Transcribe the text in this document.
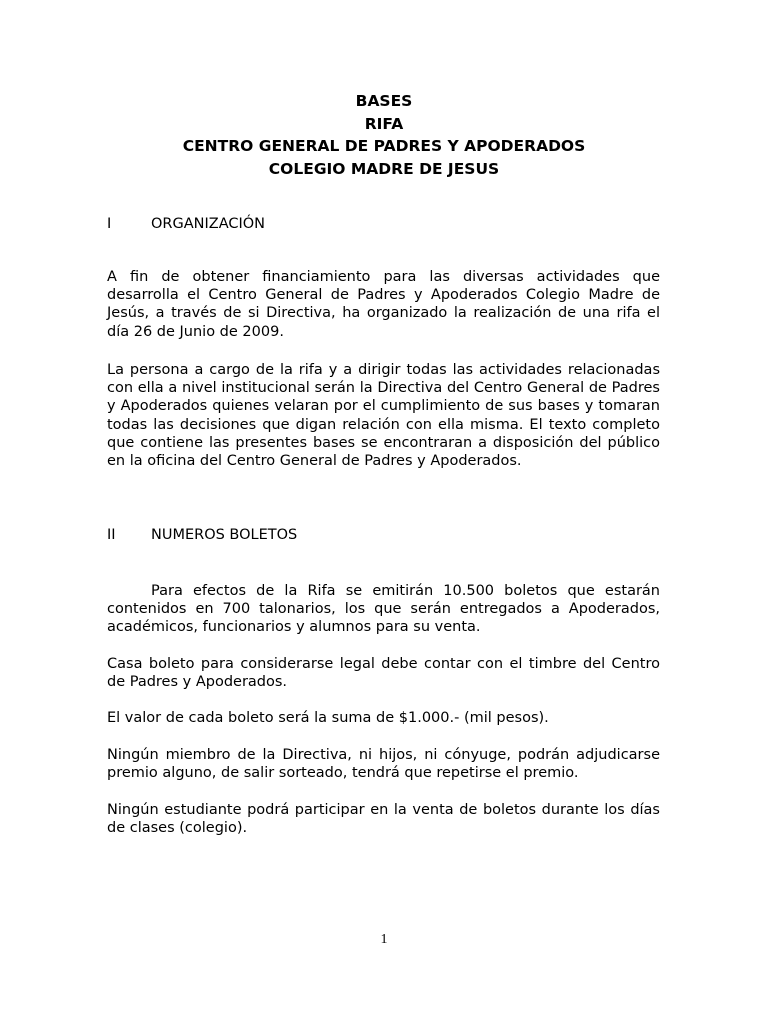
BASES
RIFA
CENTRO GENERAL DE PADRES Y APODERADOS
COLEGIO MADRE DE JESUS
I	ORGANIZACIÓN

A fin de obtener financiamiento para las diversas actividades que desarrolla el Centro General de Padres y Apoderados Colegio Madre de Jesús, a través de si Directiva, ha organizado la realización de una rifa el día 26 de Junio de 2009.

La persona a cargo de la rifa y a dirigir todas las actividades relacionadas con ella a nivel institucional serán la Directiva del Centro General de Padres y Apoderados quienes velaran por el cumplimiento de sus bases y tomaran todas las decisiones que digan relación con ella misma. El texto completo que contiene las presentes bases se encontraran a disposición del público en la oficina del Centro General de Padres y Apoderados.

II NUMEROS BOLETOS

Para efectos de la Rifa se emitirán 10.500 boletos que estarán contenidos en 700 talonarios, los que serán entregados a Apoderados, académicos, funcionarios y alumnos para su venta.

Casa boleto para considerarse legal debe contar con el timbre del Centro de Padres y Apoderados.

El valor de cada boleto será la suma de $1.000.- (mil pesos).

Ningún miembro de la Directiva, ni hijos, ni cónyuge, podrán adjudicarse premio alguno, de salir sorteado, tendrá que repetirse el premio.

Ningún estudiante podrá participar en la venta de boletos durante los días de clases (colegio).

1
